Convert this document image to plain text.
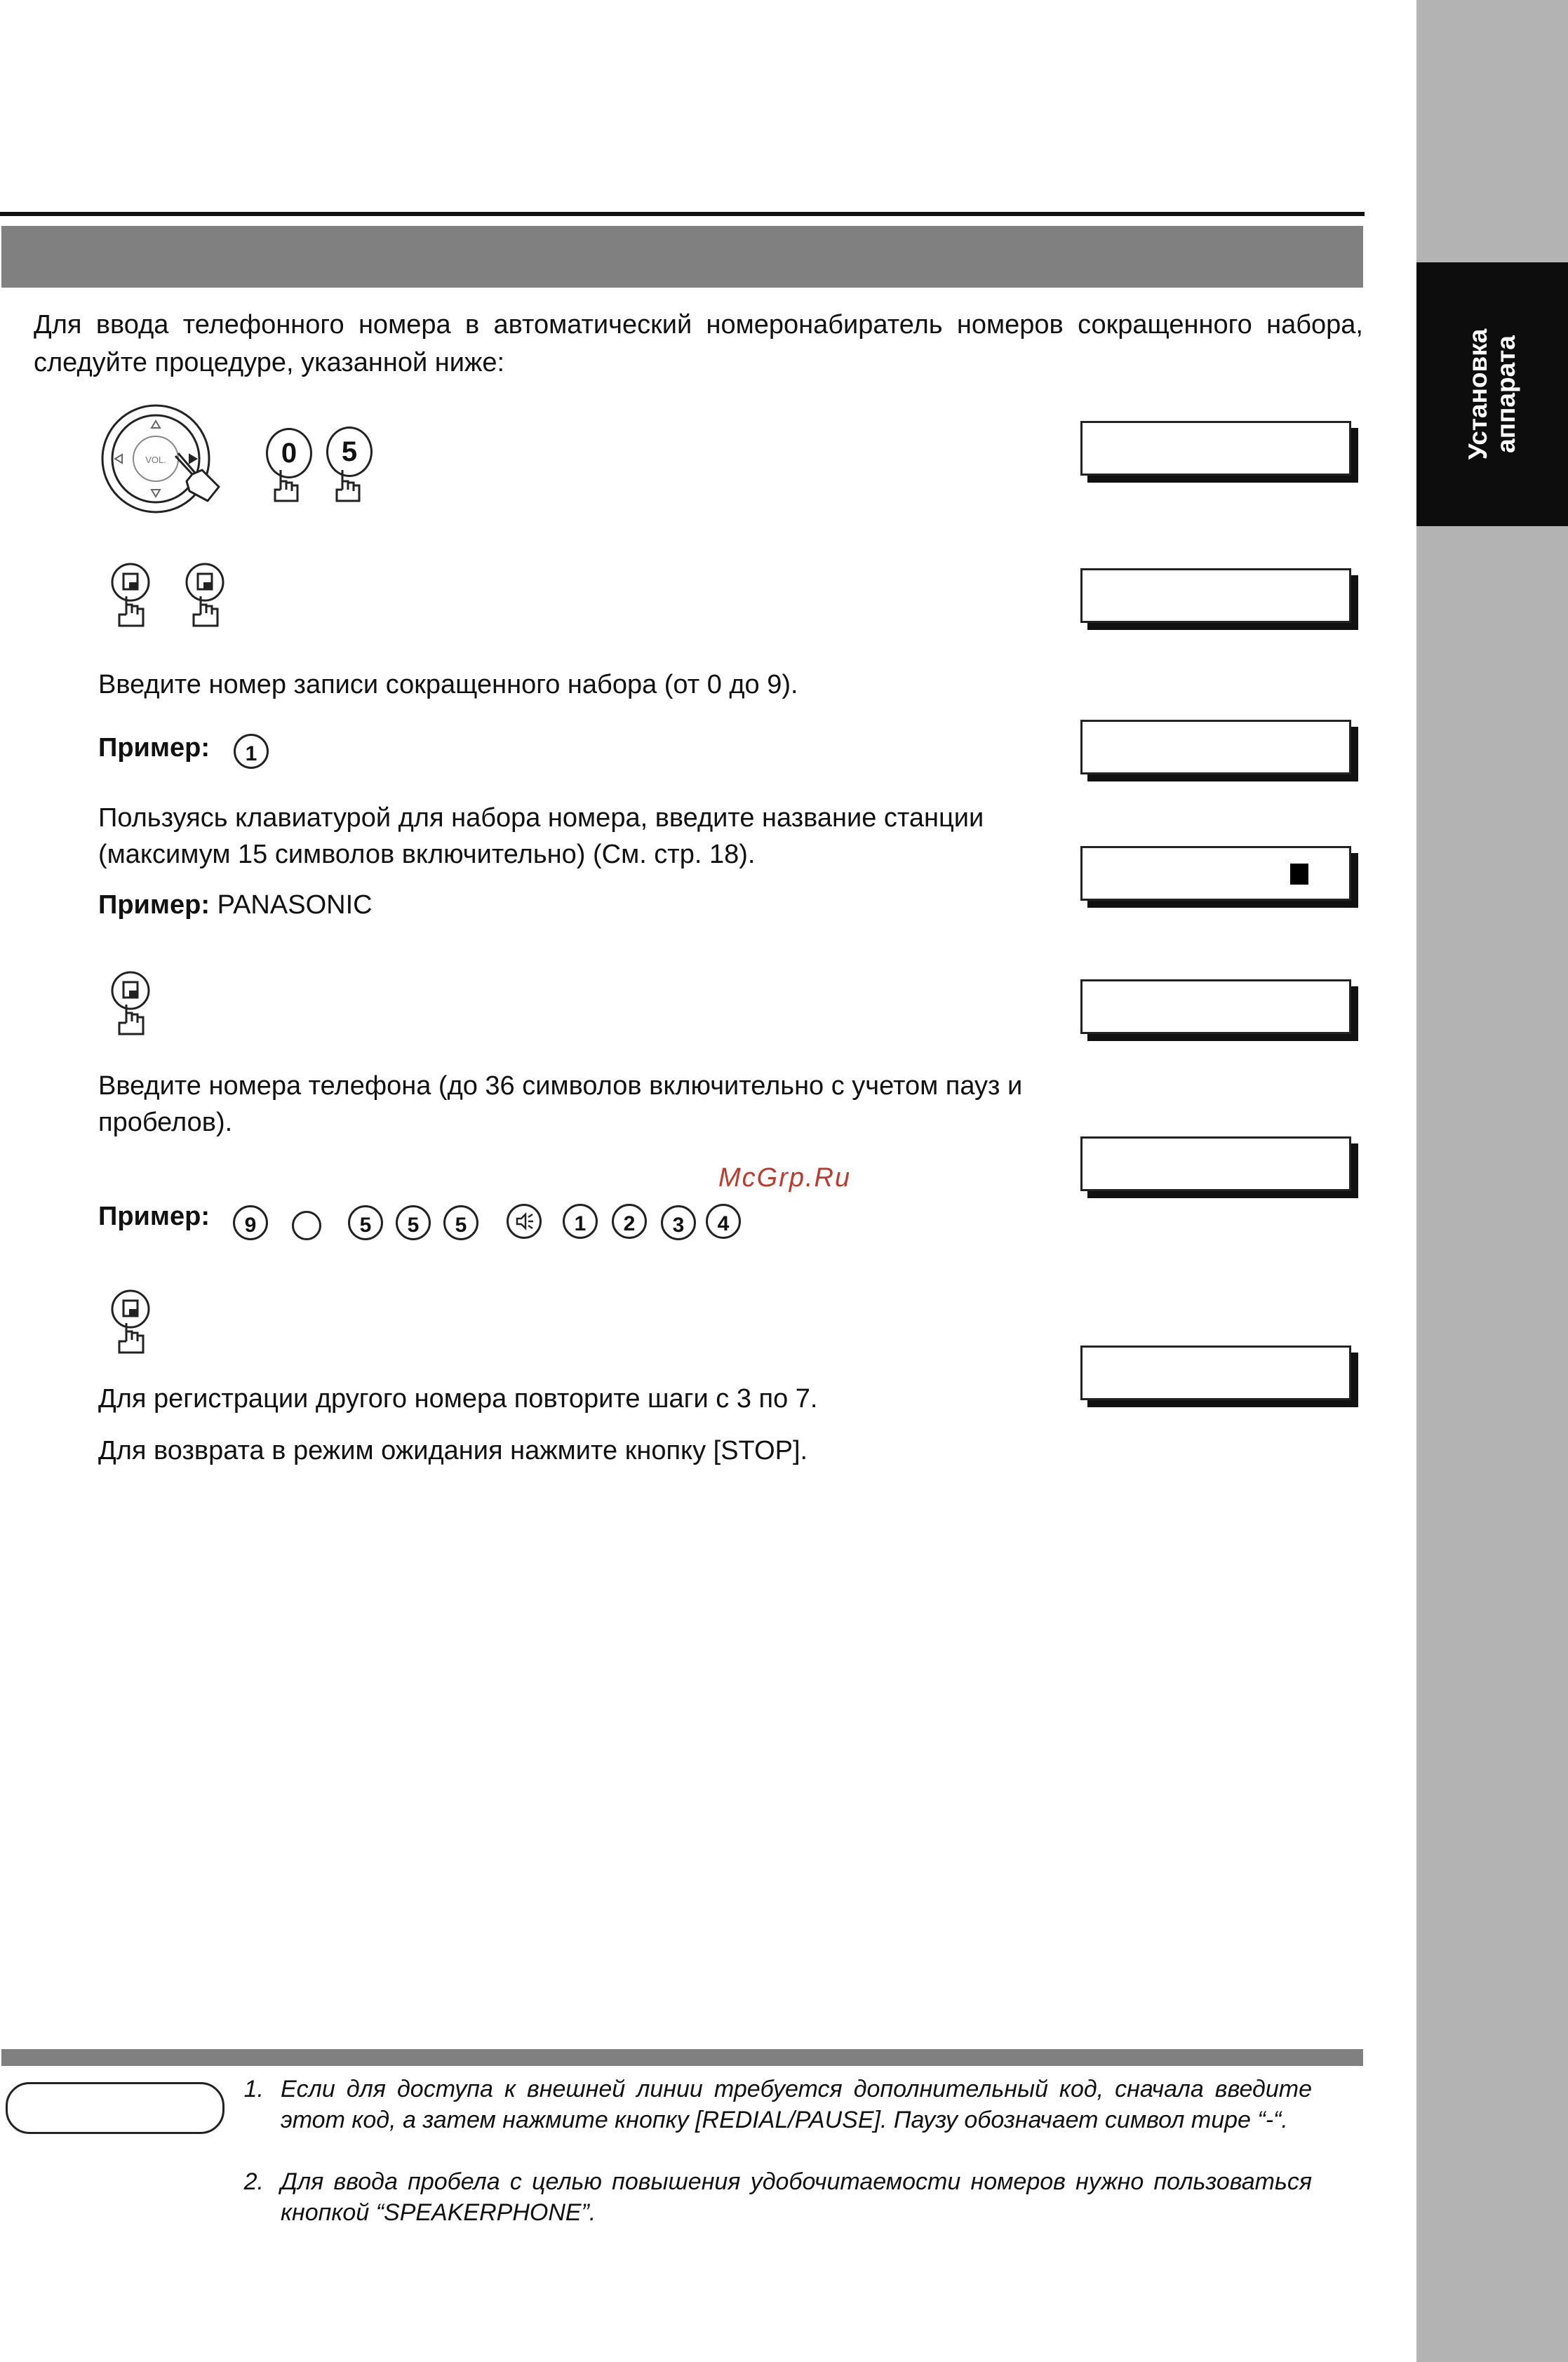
Установка аппарата
Для ввода телефонного номера в автоматический номеронабиратель номеров сокращенного набора, следуйте процедуре, указанной ниже:
VOL.	0	5
Введите номер записи сокращенного набора (от 0 до 9).
Пример:	1
Пользуясь клавиатурой для набора номера, введите название станции (максимум 15 символов включительно) (См. стр. 18).
Пример: PANASONIC
Введите номера телефона (до 36 символов включительно с учетом пауз и пробелов).
McGrp.Ru
Пример:	9	5	5	5	1	2	3	4
Для регистрации другого номера повторите шаги с 3 по 7.
Для возврата в режим ожидания нажмите кнопку [STOP].
1. Если для доступа к внешней линии требуется дополнительный код, сначала введите этот код, а затем нажмите кнопку [REDIAL/PAUSE]. Паузу обозначает символ тире “-“.
2. Для ввода пробела с целью повышения удобочитаемости номеров нужно пользоваться кнопкой “SPEAKERPHONE”.
